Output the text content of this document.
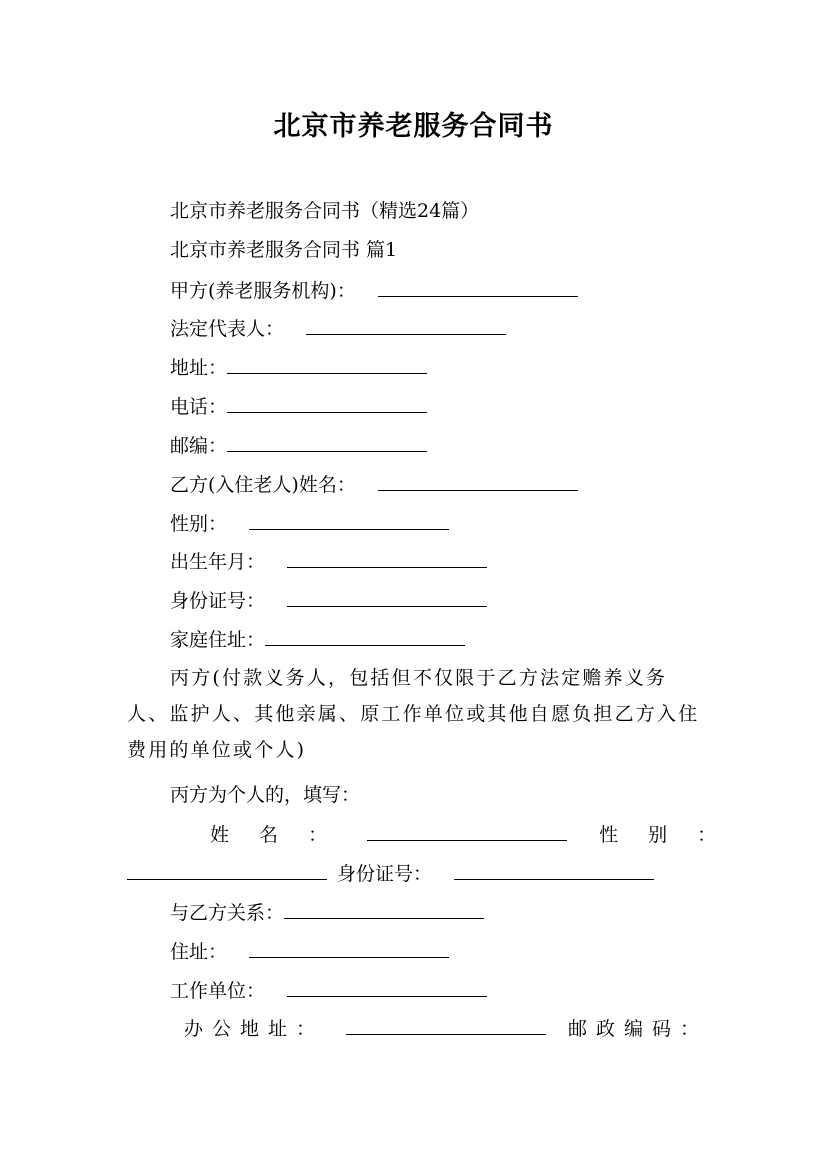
北京市养老服务合同书
北京市养老服务合同书（精选24篇）
北京市养老服务合同书 篇1
甲方(养老服务机构)：
法定代表人：
地址：
电话：
邮编：
乙方(入住老人)姓名：
性别：
出生年月：
身份证号：
家庭住址：
丙方(付款义务人，包括但不仅限于乙方法定赡养义务人、监护人、其他亲属、原工作单位或其他自愿负担乙方入住费用的单位或个人)
丙方为个人的，填写：
姓 名 ：	性 别 ：
身份证号：
与乙方关系：
住址：
工作单位：
办公地址：	邮政编码：
